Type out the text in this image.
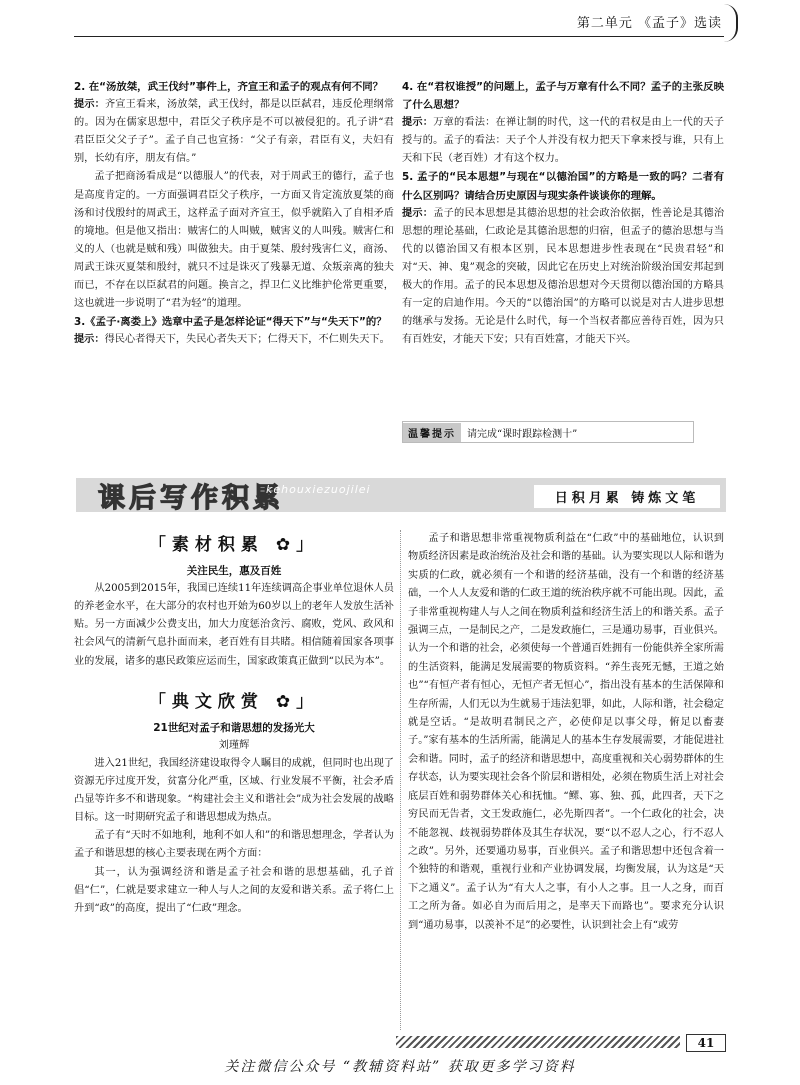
第二单元 《孟子》选读

2. 在“汤放桀，武王伐纣”事件上，齐宣王和孟子的观点有何不同？

提示：齐宣王看来，汤放桀，武王伐纣，都是以臣弑君，违反伦理纲常的。因为在儒家思想中，君臣父子秩序是不可以被侵犯的。孔子讲“君君臣臣父父子子”。孟子自己也宣扬：“父子有亲，君臣有义，夫妇有别，长幼有序，朋友有信。”

孟子把商汤看成是“以德服人”的代表，对于周武王的德行，孟子也是高度肯定的。一方面强调君臣父子秩序，一方面又肯定流放夏桀的商汤和讨伐殷纣的周武王，这样孟子面对齐宣王，似乎就陷入了自相矛盾的境地。但是他又指出：贼害仁的人叫贼，贼害义的人叫残。贼害仁和义的人（也就是贼和残）叫做独夫。由于夏桀、殷纣残害仁义，商汤、周武王诛灭夏桀和殷纣，就只不过是诛灭了残暴无道、众叛亲离的独夫而已，不存在以臣弑君的问题。换言之，捍卫仁义比维护伦常更重要，这也就进一步说明了“君为轻”的道理。

3.《孟子·离娄上》选章中孟子是怎样论证“得天下”与“失天下”的？

提示：得民心者得天下，失民心者失天下；仁得天下，不仁则失天下。

4. 在“君权谁授”的问题上，孟子与万章有什么不同？孟子的主张反映了什么思想？

提示：万章的看法：在禅让制的时代，这一代的君权是由上一代的天子授与的。孟子的看法：天子个人并没有权力把天下拿来授与谁，只有上天和下民（老百姓）才有这个权力。

5. 孟子的“民本思想”与现在“以德治国”的方略是一致的吗？二者有什么区别吗？请结合历史原因与现实条件谈谈你的理解。

提示：孟子的民本思想是其德治思想的社会政治依据，性善论是其德治思想的理论基础，仁政论是其德治思想的归宿，但孟子的德治思想与当代的以德治国又有根本区别，民本思想进步性表现在“民贵君轻”和对“天、神、鬼”观念的突破，因此它在历史上对统治阶级治国安邦起到极大的作用。孟子的民本思想及德治思想对今天贯彻以德治国的方略具有一定的启迪作用。今天的“以德治国”的方略可以说是对古人进步思想的继承与发扬。无论是什么时代，每一个当权者都应善待百姓，因为只有百姓安，才能天下安；只有百姓富，才能天下兴。

温馨提示	请完成“课时跟踪检测十”
课后写作积累
kehouxiezuojilei
日积月累 铸炼文笔
「素材积累 ✿」
关注民生，惠及百姓

从2005到2015年，我国已连续11年连续调高企事业单位退休人员的养老金水平，在大部分的农村也开始为60岁以上的老年人发放生活补贴。另一方面减少公费支出，加大力度惩治贪污、腐败，党风、政风和社会风气的清新气息扑面而来，老百姓有目共睹。相信随着国家各项事业的发展，诸多的惠民政策应运而生，国家政策真正做到“以民为本”。

「典文欣赏 ✿」
21世纪对孟子和谐思想的发扬光大
刘瑾辉

进入21世纪，我国经济建设取得令人瞩目的成就，但同时也出现了资源无序过度开发，贫富分化严重，区域、行业发展不平衡，社会矛盾凸显等许多不和谐现象。“构建社会主义和谐社会”成为社会发展的战略目标。这一时期研究孟子和谐思想成为热点。

孟子有“天时不如地利，地利不如人和”的和谐思想理念，学者认为孟子和谐思想的核心主要表现在两个方面：

其一，认为强调经济和谐是孟子社会和谐的思想基础，孔子首倡“仁”，仁就是要求建立一种人与人之间的友爱和谐关系。孟子将仁上升到“政”的高度，提出了“仁政”理念。

孟子和谐思想非常重视物质利益在“仁政”中的基础地位，认识到物质经济因素是政治统治及社会和谐的基础。认为要实现以人际和谐为实质的仁政，就必须有一个和谐的经济基础，没有一个和谐的经济基础，一个人人友爱和谐的仁政王道的统治秩序就不可能出现。因此，孟子非常重视构建人与人之间在物质利益和经济生活上的和谐关系。孟子强调三点，一是制民之产，二是发政施仁，三是通功易事，百业俱兴。认为一个和谐的社会，必须使每一个普通百姓拥有一份能供养全家所需的生活资料，能满足发展需要的物质资料。“养生丧死无憾，王道之始也”“有恒产者有恒心，无恒产者无恒心”，指出没有基本的生活保障和生存所需，人们无以为生就易于违法犯罪，如此，人际和谐，社会稳定就是空话。“是故明君制民之产，必使仰足以事父母，俯足以畜妻子。”家有基本的生活所需，能满足人的基本生存发展需要，才能促进社会和谐。同时，孟子的经济和谐思想中，高度重视和关心弱势群体的生存状态，认为要实现社会各个阶层和谐相处，必须在物质生活上对社会底层百姓和弱势群体关心和抚恤。“鳏、寡、独、孤，此四者，天下之穷民而无告者，文王发政施仁，必先斯四者”。一个仁政化的社会，决不能忽视、歧视弱势群体及其生存状况，要“以不忍人之心，行不忍人之政”。另外，还要通功易事，百业俱兴。孟子和谐思想中还包含着一个独特的和谐观，重视行业和产业协调发展，均衡发展，认为这是“天下之通义”。孟子认为“有大人之事，有小人之事。且一人之身，而百工之所为备。如必自为而后用之，是率天下而路也”。要求充分认识到“通功易事，以羡补不足”的必要性，认识到社会上有“或劳

41
关注微信公众号 “教辅资料站” 获取更多学习资料
